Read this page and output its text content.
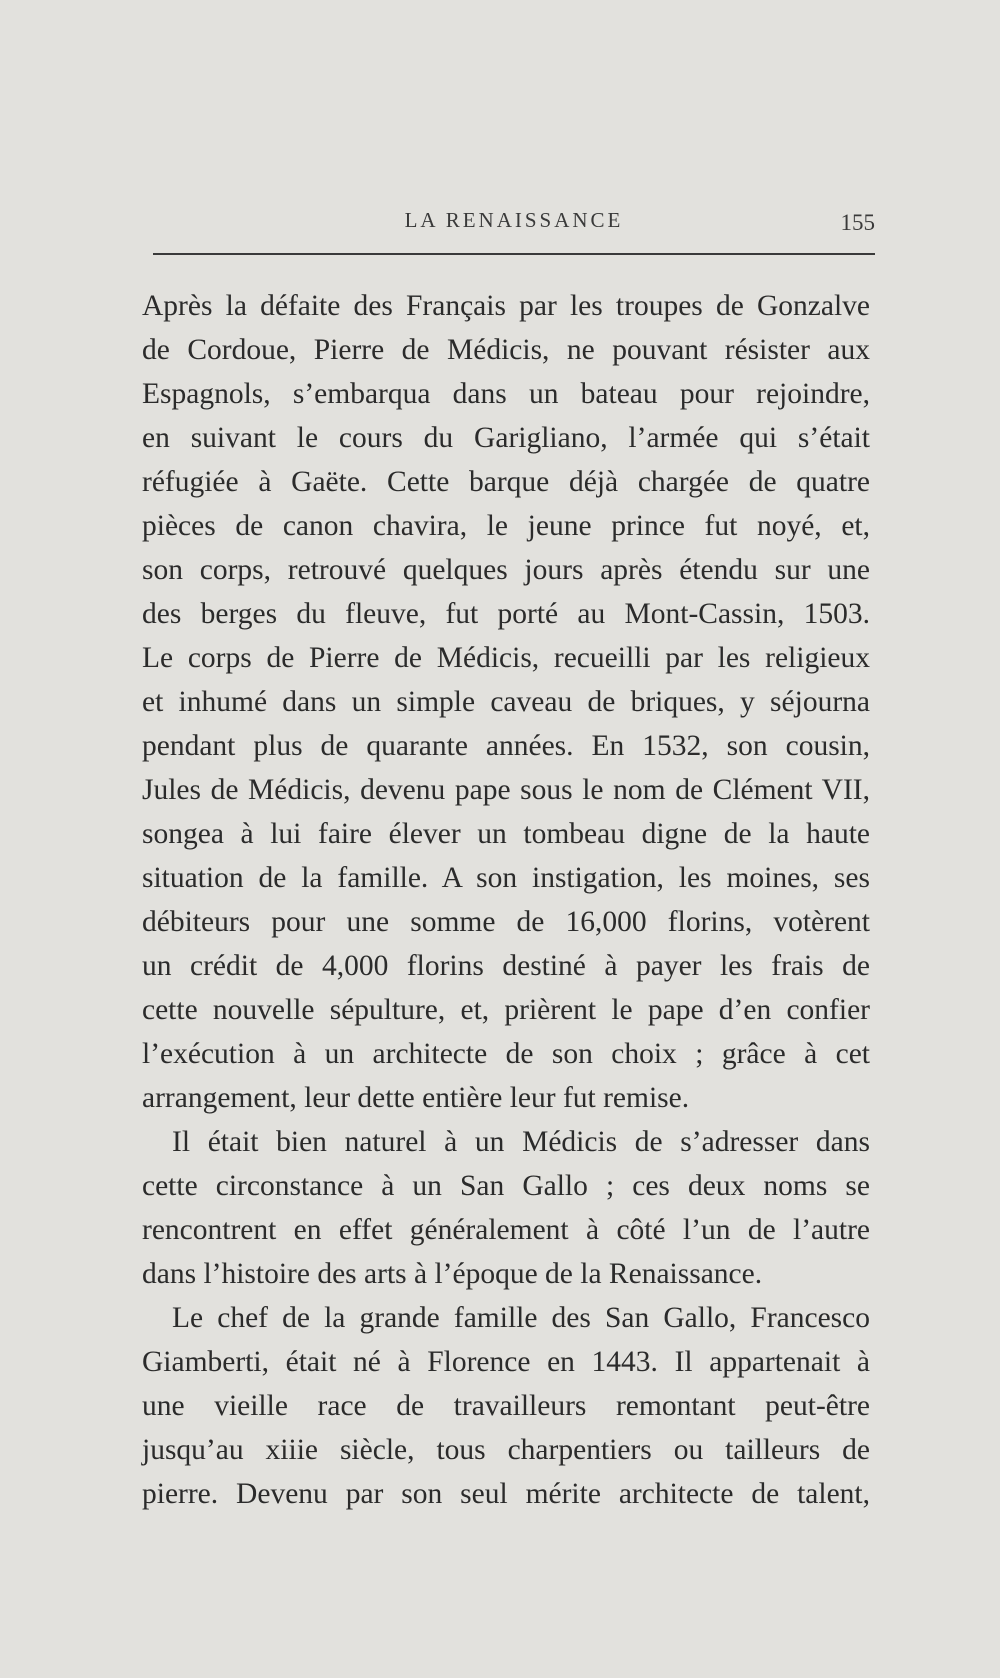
LA RENAISSANCE	155
Après la défaite des Français par les troupes de Gonzalve
de Cordoue, Pierre de Médicis, ne pouvant résister aux
Espagnols, s’embarqua dans un bateau pour rejoindre,
en suivant le cours du Garigliano, l’armée qui s’était
réfugiée à Gaëte. Cette barque déjà chargée de quatre
pièces de canon chavira, le jeune prince fut noyé, et,
son corps, retrouvé quelques jours après étendu sur une
des berges du fleuve, fut porté au Mont-Cassin, 1503.
Le corps de Pierre de Médicis, recueilli par les religieux
et inhumé dans un simple caveau de briques, y séjourna
pendant plus de quarante années. En 1532, son cousin,
Jules de Médicis, devenu pape sous le nom de Clément VII,
songea à lui faire élever un tombeau digne de la haute
situation de la famille. A son instigation, les moines, ses
débiteurs pour une somme de 16,000 florins, votèrent
un crédit de 4,000 florins destiné à payer les frais de
cette nouvelle sépulture, et, prièrent le pape d’en confier
l’exécution à un architecte de son choix ; grâce à cet
arrangement, leur dette entière leur fut remise.
Il était bien naturel à un Médicis de s’adresser dans
cette circonstance à un San Gallo ; ces deux noms se
rencontrent en effet généralement à côté l’un de l’autre
dans l’histoire des arts à l’époque de la Renaissance.
Le chef de la grande famille des San Gallo, Francesco
Giamberti, était né à Florence en 1443. Il appartenait à
une vieille race de travailleurs remontant peut-être
jusqu’au xiiie siècle, tous charpentiers ou tailleurs de
pierre. Devenu par son seul mérite architecte de talent,
